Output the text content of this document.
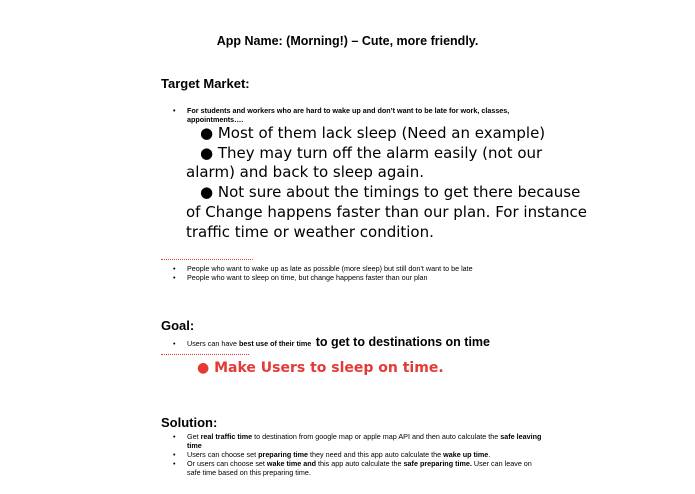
App Name: (Morning!) – Cute, more friendly.
Target Market:
• For students and workers who are hard to wake up and don’t want to be late for work, classes, appointments….
● Most of them lack sleep (Need an example)
● They may turn off the alarm easily (not our
alarm) and back to sleep again.
● Not sure about the timings to get there because
of Change happens faster than our plan. For instance
traffic time or weather condition.
• People who want to wake up as late as possible (more sleep) but still don’t want to be late
• People who want to sleep on time, but change happens faster than our plan
Goal:
• Users can have best use of their time to get to destinations on time
● Make Users to sleep on time.
Solution:
• Get real traffic time to destination from google map or apple map API and then auto calculate the safe leaving time
• Users can choose set preparing time they need and this app auto calculate the wake up time.
• Or users can choose set wake time and this app auto calculate the safe preparing time. User can leave on safe time based on this preparing time.
